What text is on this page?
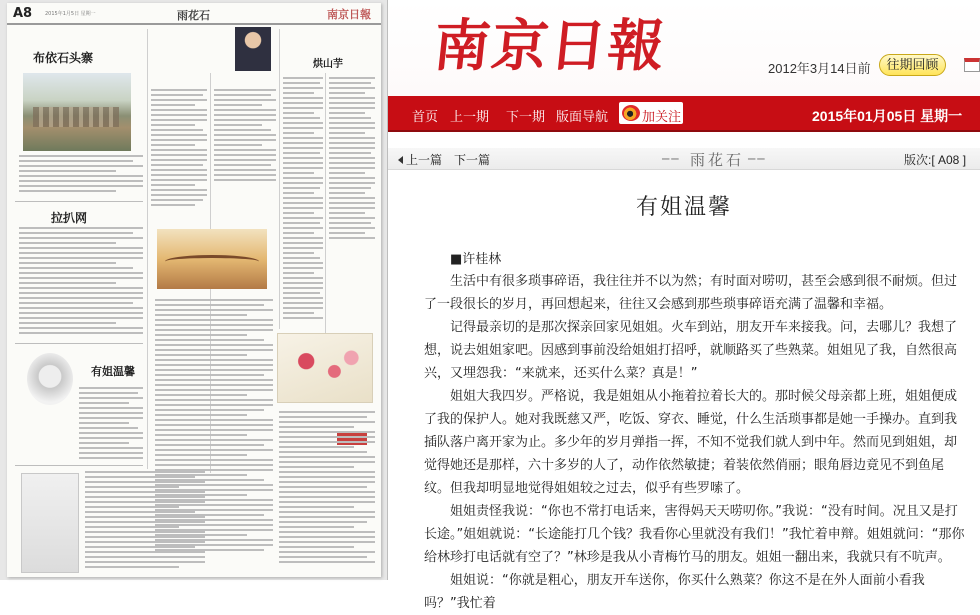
A8	2015年1月5日 星期一	雨花石	南京日報
布依石头寨
拉扒网
烘山芋
有姐温馨
南京日報	2012年3月14日前	往期回顾
首页 上一期 下一期 版面导航	加关注	2015年01月05日 星期一
上一篇 下一篇	── 雨花石 ──	版次:[ A08 ]
有姐温馨
■许桂林

生活中有很多琐事碎语，我往往并不以为然；有时面对唠叨，甚至会感到很不耐烦。但过了一段很长的岁月，再回想起来，往往又会感到那些琐事碎语充满了温馨和幸福。

记得最亲切的是那次探亲回家见姐姐。火车到站，朋友开车来接我。问，去哪儿？我想了想，说去姐姐家吧。因感到事前没给姐姐打招呼，就顺路买了些熟菜。姐姐见了我，自然很高兴，又埋怨我：“来就来，还买什么菜？真是！”

姐姐大我四岁。严格说，我是姐姐从小拖着拉着长大的。那时候父母亲都上班，姐姐便成了我的保护人。她对我既慈又严，吃饭、穿衣、睡觉，什么生活琐事都是她一手操办。直到我插队落户离开家为止。多少年的岁月弹指一挥，不知不觉我们就人到中年。然而见到姐姐，却觉得她还是那样，六十多岁的人了，动作依然敏捷；着装依然俏丽；眼角唇边竟见不到鱼尾纹。但我却明显地觉得姐姐较之过去，似乎有些罗嗦了。

姐姐责怪我说：“你也不常打电话来，害得妈天天唠叨你。”我说：“没有时间。况且又是打长途。”姐姐就说：“长途能打几个钱？我看你心里就没有我们！”我忙着申辩。姐姐就问：“那你给林珍打电话就有空了？”林珍是我从小青梅竹马的朋友。姐姐一翻出来，我就只有不吭声。

姐姐说：“你就是粗心，朋友开车送你，你买什么熟菜？你这不是在外人面前小看我吗？”我忙着
